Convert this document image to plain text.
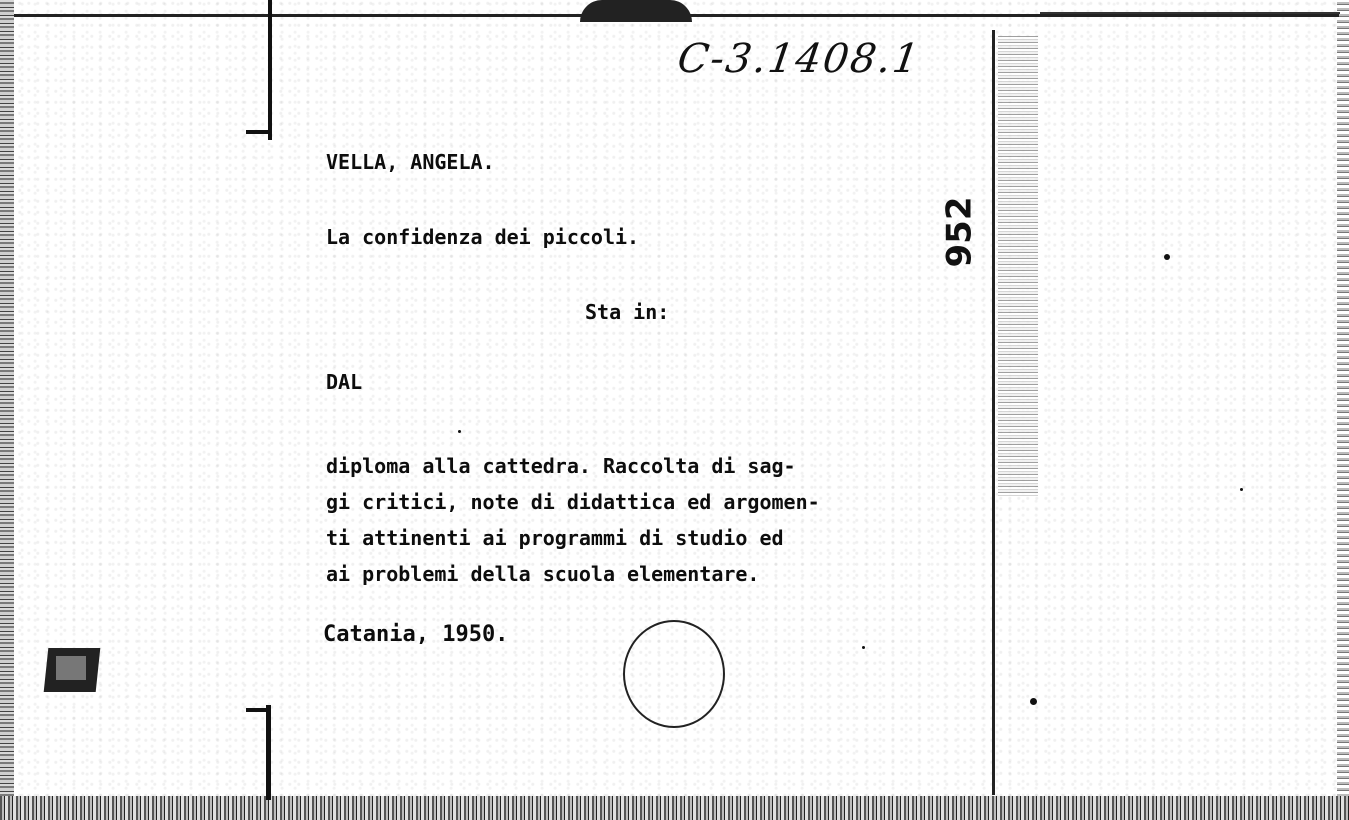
C-3.1408.1
952

VELLA, ANGELA.

La confidenza dei piccoli.

Sta in:

DAL

diploma alla cattedra. Raccolta di sag-
gi critici, note di didattica ed argomen-
ti attinenti ai programmi di studio ed
ai problemi della scuola elementare.

Catania, 1950.
